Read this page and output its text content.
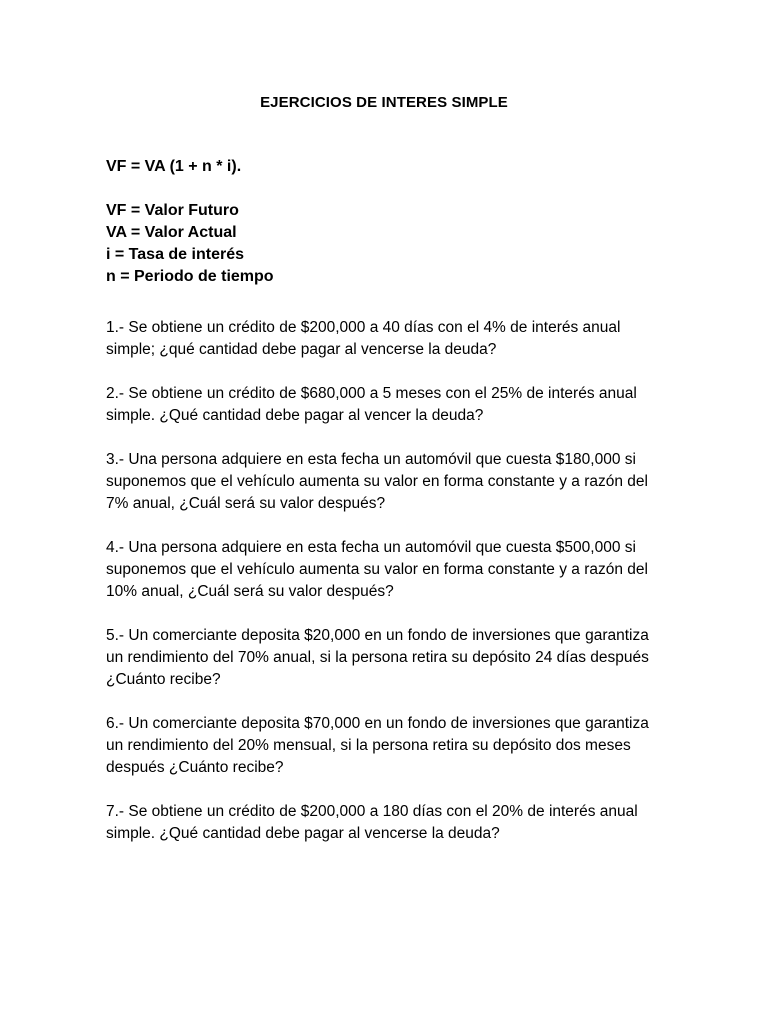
EJERCICIOS DE INTERES SIMPLE
VF = VA (1 + n * i).
VF = Valor Futuro
VA = Valor Actual
i = Tasa de interés
n = Periodo de tiempo

1.- Se obtiene un crédito de $200,000 a 40 días con el 4% de interés anual simple; ¿qué cantidad debe pagar al vencerse la deuda?

2.- Se obtiene un crédito de $680,000 a 5 meses con el 25% de interés anual simple. ¿Qué cantidad debe pagar al vencer la deuda?

3.- Una persona adquiere en esta fecha un automóvil que cuesta $180,000 si suponemos que el vehículo aumenta su valor en forma constante y a razón del 7% anual, ¿Cuál será su valor después?

4.- Una persona adquiere en esta fecha un automóvil que cuesta $500,000 si suponemos que el vehículo aumenta su valor en forma constante y a razón del 10% anual, ¿Cuál será su valor después?

5.- Un comerciante deposita $20,000 en un fondo de inversiones que garantiza un rendimiento del 70% anual, si la persona retira su depósito 24 días después ¿Cuánto recibe?

6.- Un comerciante deposita $70,000 en un fondo de inversiones que garantiza un rendimiento del 20% mensual, si la persona retira su depósito dos meses después ¿Cuánto recibe?

7.- Se obtiene un crédito de $200,000 a 180 días con el 20% de interés anual simple. ¿Qué cantidad debe pagar al vencerse la deuda?
